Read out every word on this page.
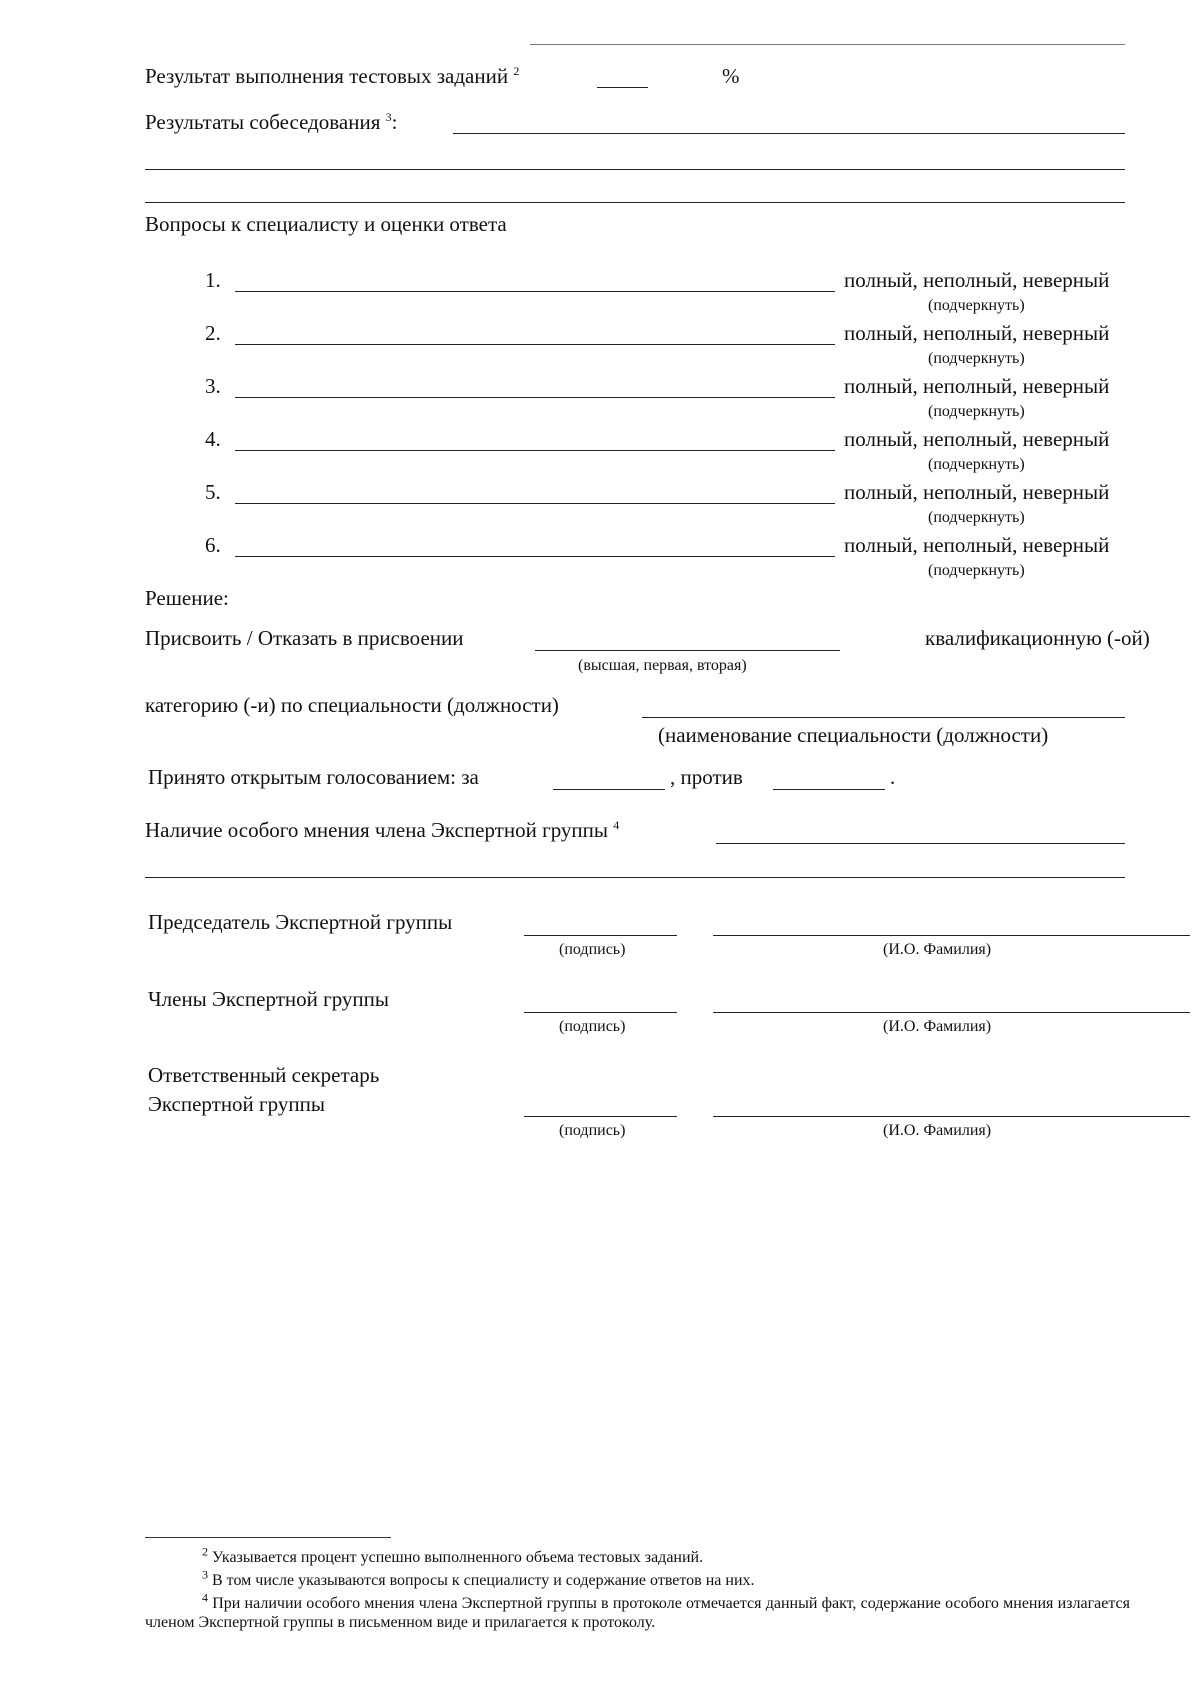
Результат выполнения тестовых заданий $^2$	%
Результаты собеседования $^3$:
Вопросы к специалисту и оценки ответа
1.	полный, неполный, неверный
(подчеркнуть)
2.	полный, неполный, неверный
(подчеркнуть)
3.	полный, неполный, неверный
(подчеркнуть)
4.	полный, неполный, неверный
(подчеркнуть)
5.	полный, неполный, неверный
(подчеркнуть)
6.	полный, неполный, неверный
(подчеркнуть)
Решение:
Присвоить / Отказать в присвоении	квалификационную (-ой)
(высшая, первая, вторая)
категорию (-и) по специальности (должности)
(наименование специальности (должности)
Принято открытым голосованием: за	, против	.
Наличие особого мнения члена Экспертной группы $^4$
Председатель Экспертной группы
(подпись)	(И.О. Фамилия)
Члены Экспертной группы
(подпись)	(И.О. Фамилия)
Ответственный секретарь
Экспертной группы
(подпись)	(И.О. Фамилия)
$^2$ Указывается процент успешно выполненного объема тестовых заданий.
$^3$ В том числе указываются вопросы к специалисту и содержание ответов на них.
$^4$ При наличии особого мнения члена Экспертной группы в протоколе отмечается данный факт, содержание особого мнения излагается членом Экспертной группы в письменном виде и прилагается к протоколу.
